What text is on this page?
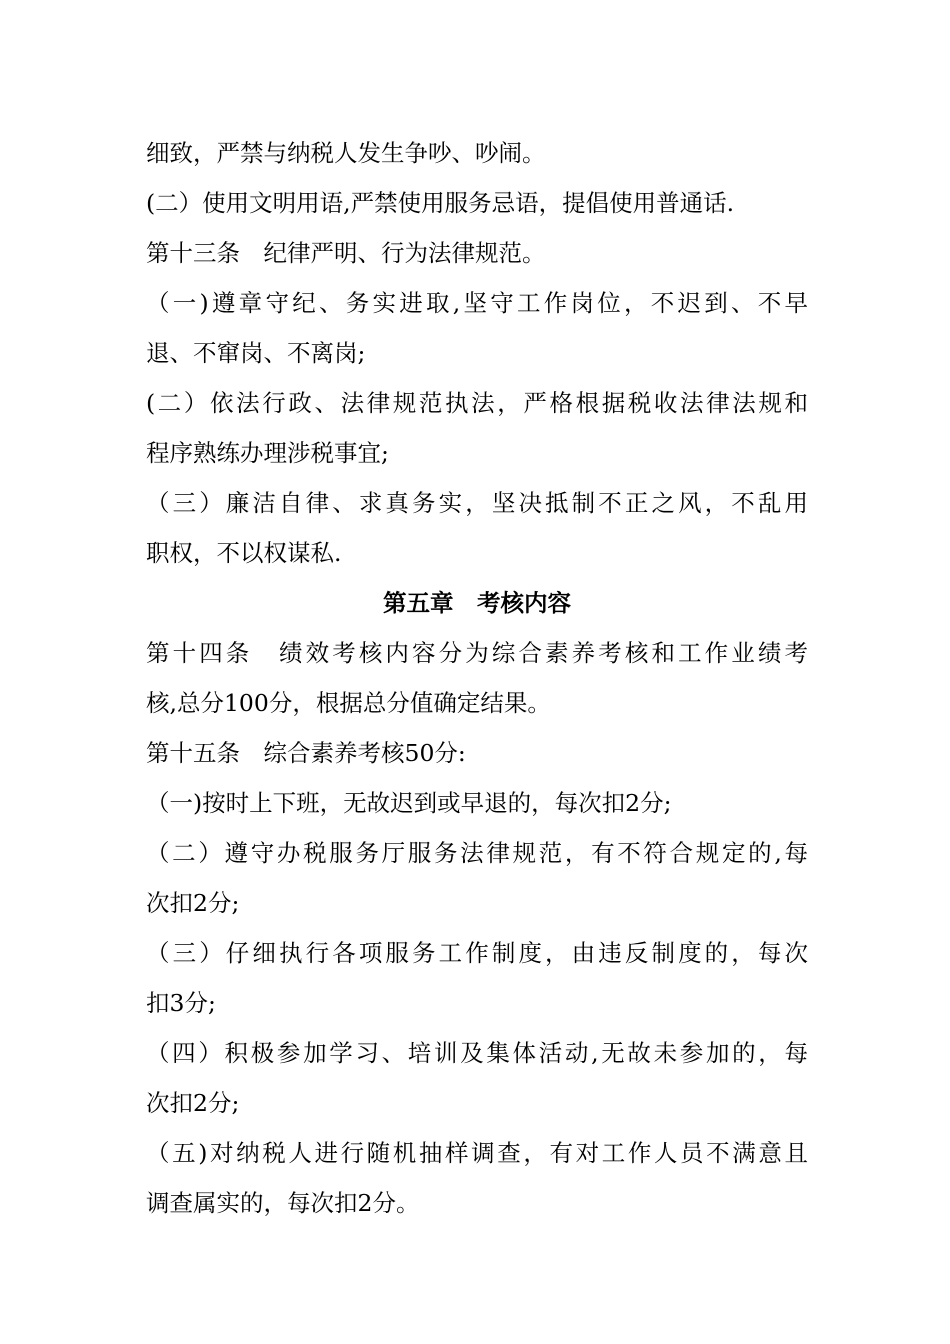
细致，严禁与纳税人发生争吵、吵闹。
(二）使用文明用语,严禁使用服务忌语，提倡使用普通话.
第十三条　纪律严明、行为法律规范。
（一)遵章守纪、务实进取,坚守工作岗位，不迟到、不早
退、不窜岗、不离岗;
(二）依法行政、法律规范执法，严格根据税收法律法规和
程序熟练办理涉税事宜;
（三）廉洁自律、求真务实，坚决抵制不正之风，不乱用
职权，不以权谋私.
第五章　考核内容
第十四条　绩效考核内容分为综合素养考核和工作业绩考
核,总分100分，根据总分值确定结果。
第十五条　综合素养考核50分:
（一)按时上下班，无故迟到或早退的，每次扣2分;
（二）遵守办税服务厅服务法律规范，有不符合规定的,每
次扣2分;
（三）仔细执行各项服务工作制度，由违反制度的，每次
扣3分;
（四）积极参加学习、培训及集体活动,无故未参加的，每
次扣2分;
（五)对纳税人进行随机抽样调查，有对工作人员不满意且
调查属实的，每次扣2分。
